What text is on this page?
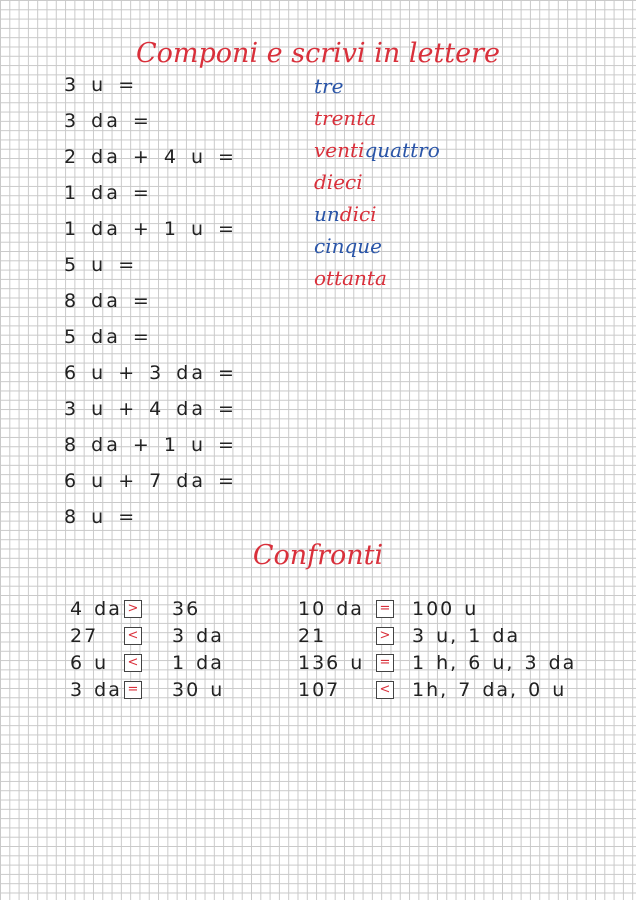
Componi e scrivi in lettere
3 u =
3 da =
2 da + 4 u =
1 da =
1 da + 1 u =
5 u =
8 da =
5 da =
6 u + 3 da =
3 u + 4 da =
8 da + 1 u =
6 u + 7 da =
8 u =
tre
trenta
ventiquattro
dieci
undici
cinque
ottanta
Confronti
4 da > 36
27 < 3 da
6 u < 1 da
3 da = 30 u
10 da = 100 u
21	> 3 u, 1 da
136 u = 1 h, 6 u, 3 da
107	< 1h, 7 da, 0 u
